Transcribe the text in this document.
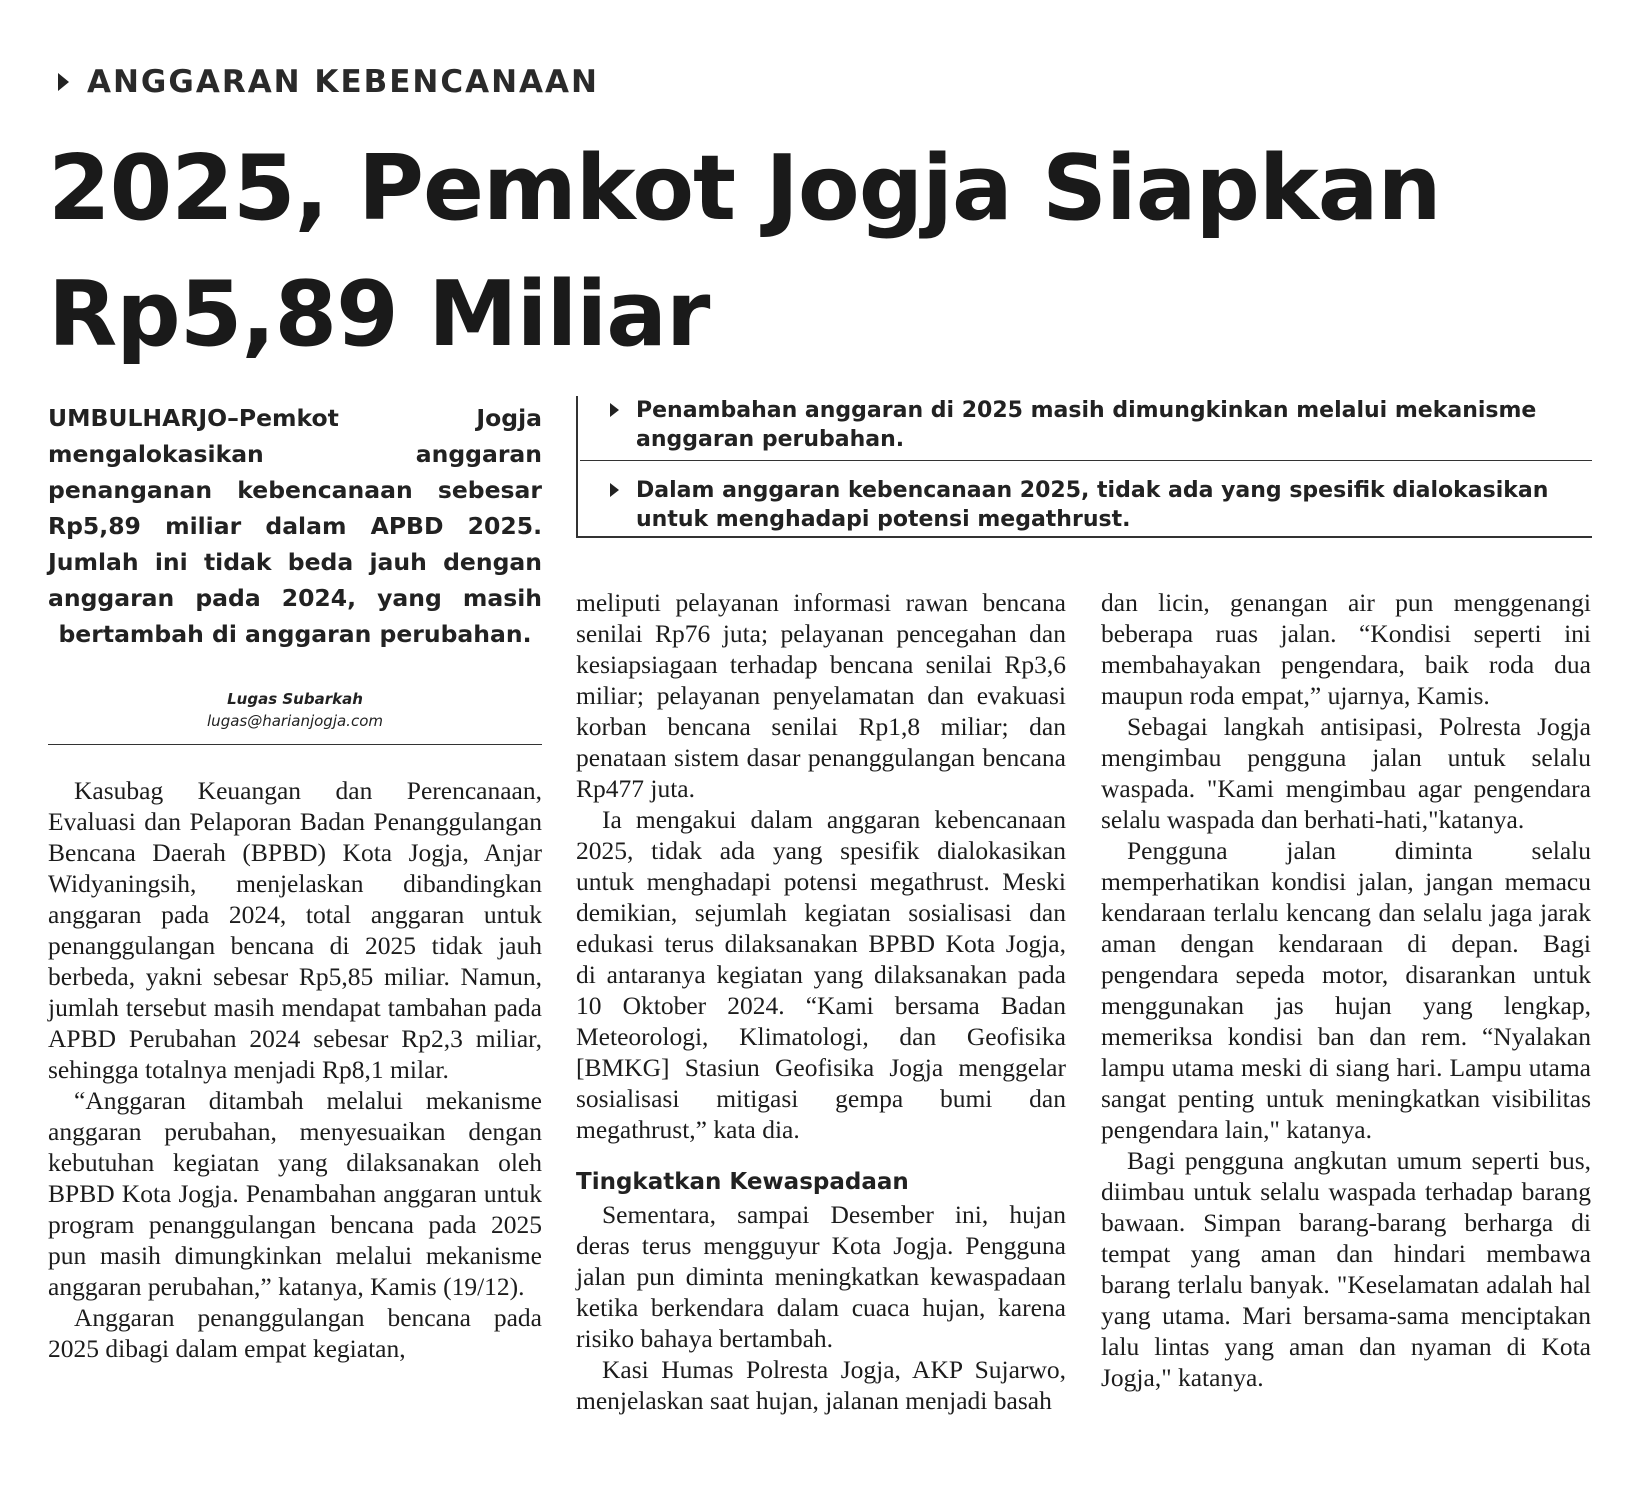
ANGGARAN KEBENCANAAN
2025, Pemkot Jogja Siapkan
Rp5,89 Miliar
UMBULHARJO–Pemkot Jogja mengalokasikan anggaran penanganan kebencanaan sebesar Rp5,89 miliar dalam APBD 2025. Jumlah ini tidak beda jauh dengan anggaran pada 2024, yang masih bertambah di anggaran perubahan.
Lugas Subarkah
lugas@harianjogja.com
Penambahan anggaran di 2025 masih dimungkinkan melalui mekanisme anggaran perubahan.
Dalam anggaran kebencanaan 2025, tidak ada yang spesifik dialokasikan untuk menghadapi potensi megathrust.

Kasubag Keuangan dan Perencanaan, Evaluasi dan Pelaporan Badan Penanggulangan Bencana Daerah (BPBD) Kota Jogja, Anjar Widyaningsih, menjelaskan dibandingkan anggaran pada 2024, total anggaran untuk penanggulangan bencana di 2025 tidak jauh berbeda, yakni sebesar Rp5,85 miliar. Namun, jumlah tersebut masih mendapat tambahan pada APBD Perubahan 2024 sebesar Rp2,3 miliar, sehingga totalnya menjadi Rp8,1 milar.

“Anggaran ditambah melalui mekanisme anggaran perubahan, menyesuaikan dengan kebutuhan kegiatan yang dilaksanakan oleh BPBD Kota Jogja. Penambahan anggaran untuk program penanggulangan bencana pada 2025 pun masih dimungkinkan melalui mekanisme anggaran perubahan,” katanya, Kamis (19/12).

Anggaran penanggulangan bencana pada 2025 dibagi dalam empat kegiatan,

meliputi pelayanan informasi rawan bencana senilai Rp76 juta; pelayanan pencegahan dan kesiapsiagaan terhadap bencana senilai Rp3,6 miliar; pelayanan penyelamatan dan evakuasi korban bencana senilai Rp1,8 miliar; dan penataan sistem dasar penanggulangan bencana Rp477 juta.

Ia mengakui dalam anggaran kebencanaan 2025, tidak ada yang spesifik dialokasikan untuk menghadapi potensi megathrust. Meski demikian, sejumlah kegiatan sosialisasi dan edukasi terus dilaksanakan BPBD Kota Jogja, di antaranya kegiatan yang dilaksanakan pada 10 Oktober 2024. “Kami bersama Badan Meteorologi, Klimatologi, dan Geofisika [BMKG] Stasiun Geofisika Jogja menggelar sosialisasi mitigasi gempa bumi dan megathrust,” kata dia.

Tingkatkan Kewaspadaan

Sementara, sampai Desember ini, hujan deras terus mengguyur Kota Jogja. Pengguna jalan pun diminta meningkatkan kewaspadaan ketika berkendara dalam cuaca hujan, karena risiko bahaya bertambah.

Kasi Humas Polresta Jogja, AKP Sujarwo, menjelaskan saat hujan, jalanan menjadi basah

dan licin, genangan air pun menggenangi beberapa ruas jalan. “Kondisi seperti ini membahayakan pengendara, baik roda dua maupun roda empat,” ujarnya, Kamis.

Sebagai langkah antisipasi, Polresta Jogja mengimbau pengguna jalan untuk selalu waspada. "Kami mengimbau agar pengendara selalu waspada dan berhati-hati,"katanya.

Pengguna jalan diminta selalu memperhatikan kondisi jalan, jangan memacu kendaraan terlalu kencang dan selalu jaga jarak aman dengan kendaraan di depan. Bagi pengendara sepeda motor, disarankan untuk menggunakan jas hujan yang lengkap, memeriksa kondisi ban dan rem. “Nyalakan lampu utama meski di siang hari. Lampu utama sangat penting untuk meningkatkan visibilitas pengendara lain," katanya.

Bagi pengguna angkutan umum seperti bus, diimbau untuk selalu waspada terhadap barang bawaan. Simpan barang-barang berharga di tempat yang aman dan hindari membawa barang terlalu banyak. "Keselamatan adalah hal yang utama. Mari bersama-sama menciptakan lalu lintas yang aman dan nyaman di Kota Jogja," katanya.
